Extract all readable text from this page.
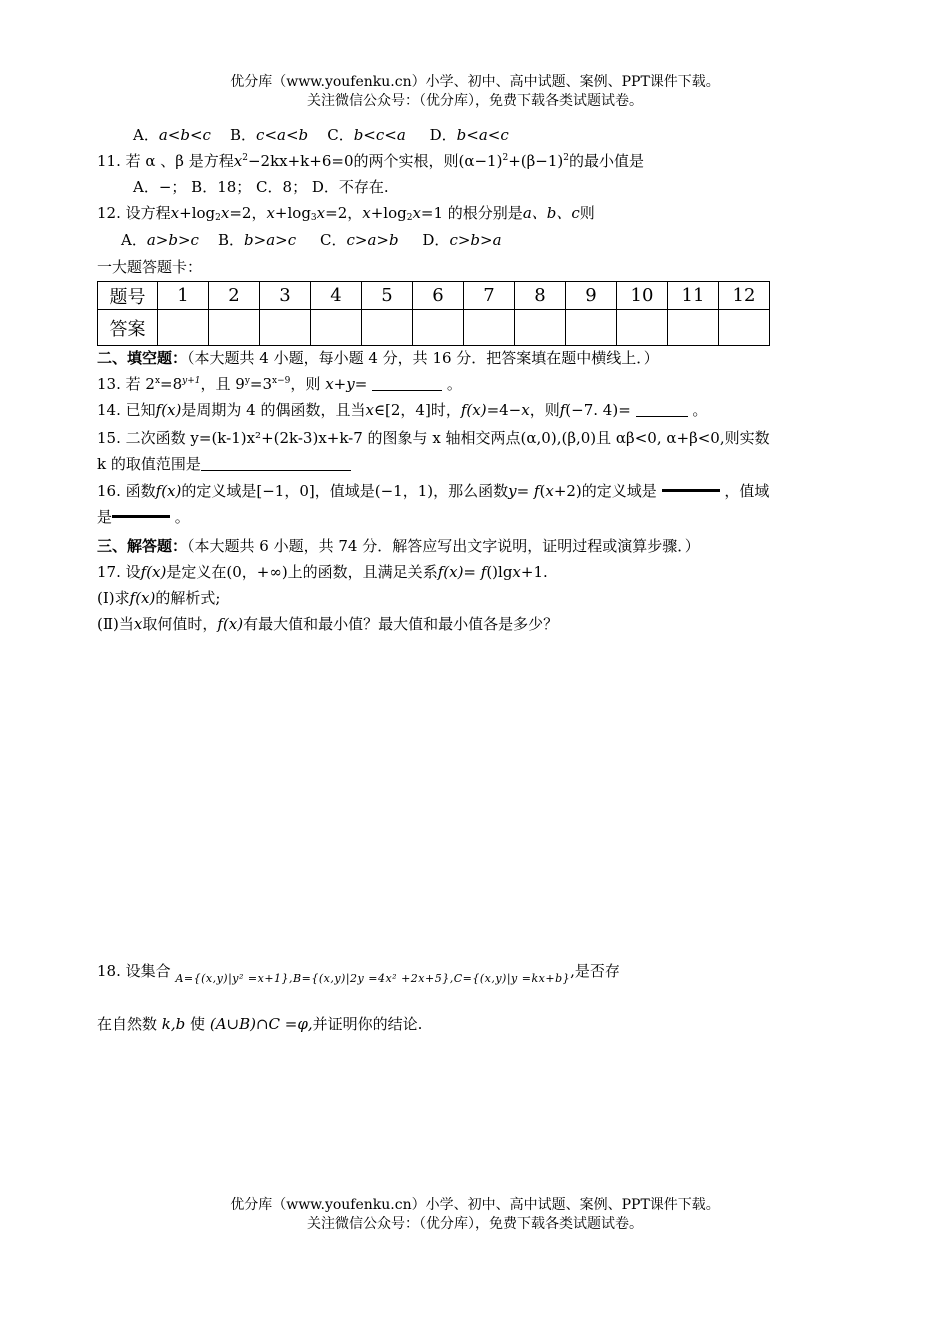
优分库（www.youfenku.cn）小学、初中、高中试题、案例、PPT课件下载。
关注微信公众号：（优分库），免费下载各类试题试卷。
A．a<b<c B．c<a<b C．b<c<a D．b<a<c
11. 若 α 、β 是方程$x^2-2kx+k+6=0$的两个实根，则$(\alpha-1)^2+(\beta-1)^2$的最小值是
A．−； B．18； C．8； D．不存在.
12. 设方程$x+\log_2x=2$，$x+\log_3x=2$，$x+\log_2x=1$ 的根分别是a、b、c则
A．a>b>c B．b>a>c C．c>a>b D．c>b>a
一大题答题卡：
题号	1	2	3	4	5	6	7	8	9	10	11	12
答案												
二、填空题：（本大题共 4 小题，每小题 4 分，共 16 分．把答案填在题中横线上．）
13. 若 $2^x=8^{y+1}$，且 $9^y=3^{x-9}$，则 x+y=	。
14. 已知f(x)是周期为 4 的偶函数，且当x∈[2，4]时，f(x)=4−x，则f(−7. 4)=	。
15. 二次函数 y=(k-1)x²+(2k-3)x+k-7 的图象与 x 轴相交两点(α,0),(β,0)且 αβ<0, α+β<0,则实数
k 的取值范围是
16. 函数f(x)的定义域是[−1，0]，值域是(−1，1)，那么函数y= f(x+2)的定义域是	，值域
是	。
三、解答题：（本大题共 6 小题，共 74 分．解答应写出文字说明，证明过程或演算步骤．）
17. 设f(x)是定义在(0，+∞)上的函数，且满足关系f(x)= f()lgx+1.
(Ⅰ)求f(x)的解析式;
(Ⅱ)当x取何值时，f(x)有最大值和最小值？最大值和最小值各是多少？
18. 设集合 $_{A=\{(x,y)|y^2 =x+1\},B=\{(x,y)|2y =4x^2 +2x+5\},C=\{(x,y)|y =kx+b\}}$,是否存
在自然数 k,b 使 (A∪B)∩C =φ,并证明你的结论.
优分库（www.youfenku.cn）小学、初中、高中试题、案例、PPT课件下载。
关注微信公众号：（优分库），免费下载各类试题试卷。
